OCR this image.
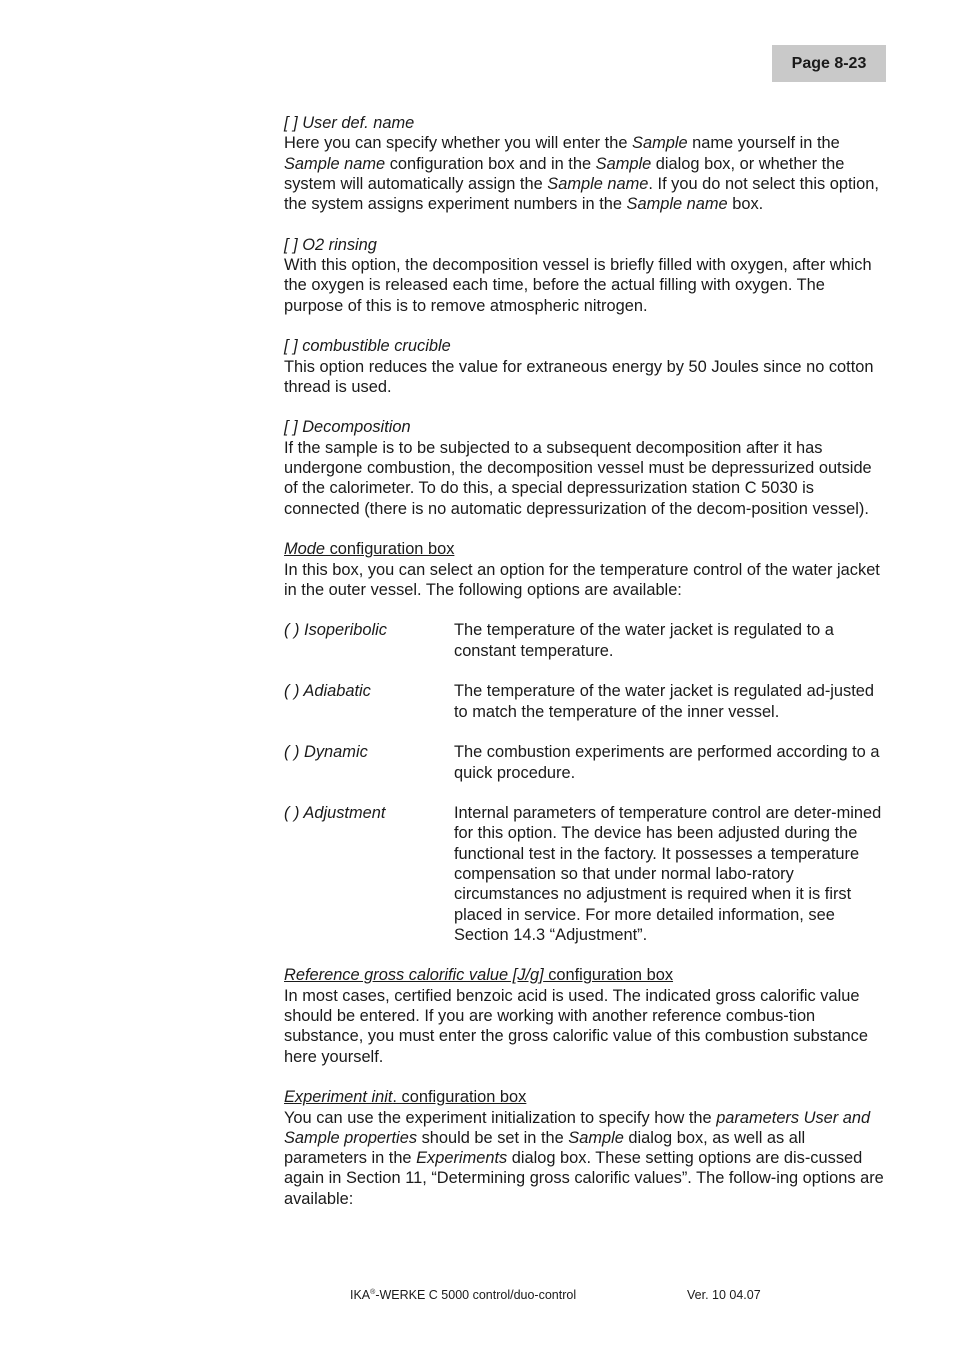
Page 8-23

[ ] User def. name

Here you can specify whether you will enter the Sample name yourself in the Sample name configuration box and in the Sample dialog box, or whether the system will automatically assign the Sample name. If you do not select this option, the system assigns experiment numbers in the Sample name box.

[ ] O2 rinsing

With this option, the decomposition vessel is briefly filled with oxygen, after which the oxygen is released each time, before the actual filling with oxygen. The purpose of this is to remove atmospheric nitrogen.

[ ] combustible crucible

This option reduces the value for extraneous energy by 50 Joules since no cotton thread is used.

[ ] Decomposition

If the sample is to be subjected to a subsequent decomposition after it has undergone combustion, the decomposition vessel must be depressurized outside of the calorimeter. To do this, a special depressurization station C 5030 is connected (there is no automatic depressurization of the decom-position vessel).

Mode configuration box

In this box, you can select an option for the temperature control of the water jacket in the outer vessel. The following options are available:

( ) Isoperibolic	The temperature of the water jacket is regulated to a constant temperature.
( ) Adiabatic	The temperature of the water jacket is regulated ad-justed to match the temperature of the inner vessel.
( ) Dynamic	The combustion experiments are performed according to a quick procedure.
( ) Adjustment	Internal parameters of temperature control are deter-mined for this option. The device has been adjusted during the functional test in the factory. It possesses a temperature compensation so that under normal labo-ratory circumstances no adjustment is required when it is first placed in service. For more detailed information, see Section 14.3 “Adjustment”.

Reference gross calorific value [J/g] configuration box

In most cases, certified benzoic acid is used. The indicated gross calorific value should be entered. If you are working with another reference combus-tion substance, you must enter the gross calorific value of this combustion substance here yourself.

Experiment init. configuration box

You can use the experiment initialization to specify how the parameters User and Sample properties should be set in the Sample dialog box, as well as all parameters in the Experiments dialog box. These setting options are dis-cussed again in Section 11, “Determining gross calorific values”. The follow-ing options are available:

IKA®-WERKE C 5000 control/duo-control	Ver. 10 04.07
